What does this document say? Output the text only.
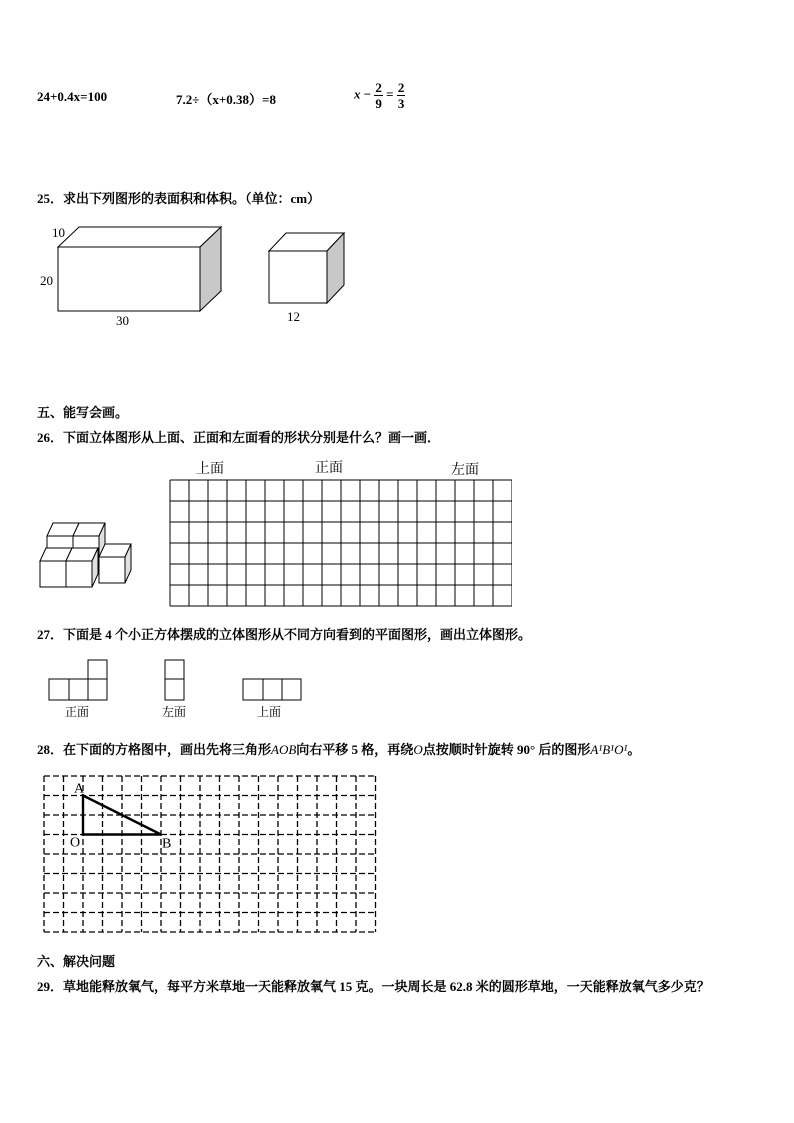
24+0.4x=100	7.2÷（x+0.38）=8	$x - \frac{2}{9} = \frac{2}{3}$
25．求出下列图形的表面积和体积。（单位：cm）
10
20
30	12
五、能写会画。
26．下面立体图形从上面、正面和左面看的形状分别是什么？画一画．
上面	正面	左面
27．下面是 4 个小正方体摆成的立体图形从不同方向看到的平面图形，画出立体图形。
正面	左面	上面
28．在下面的方格图中，画出先将三角形AOB向右平移 5 格，再绕O点按顺时针旋转 90° 后的图形A¹B¹O¹。
A
O	B
六、解决问题
29．草地能释放氧气，每平方米草地一天能释放氧气 15 克。一块周长是 62.8 米的圆形草地，一天能释放氧气多少克？
